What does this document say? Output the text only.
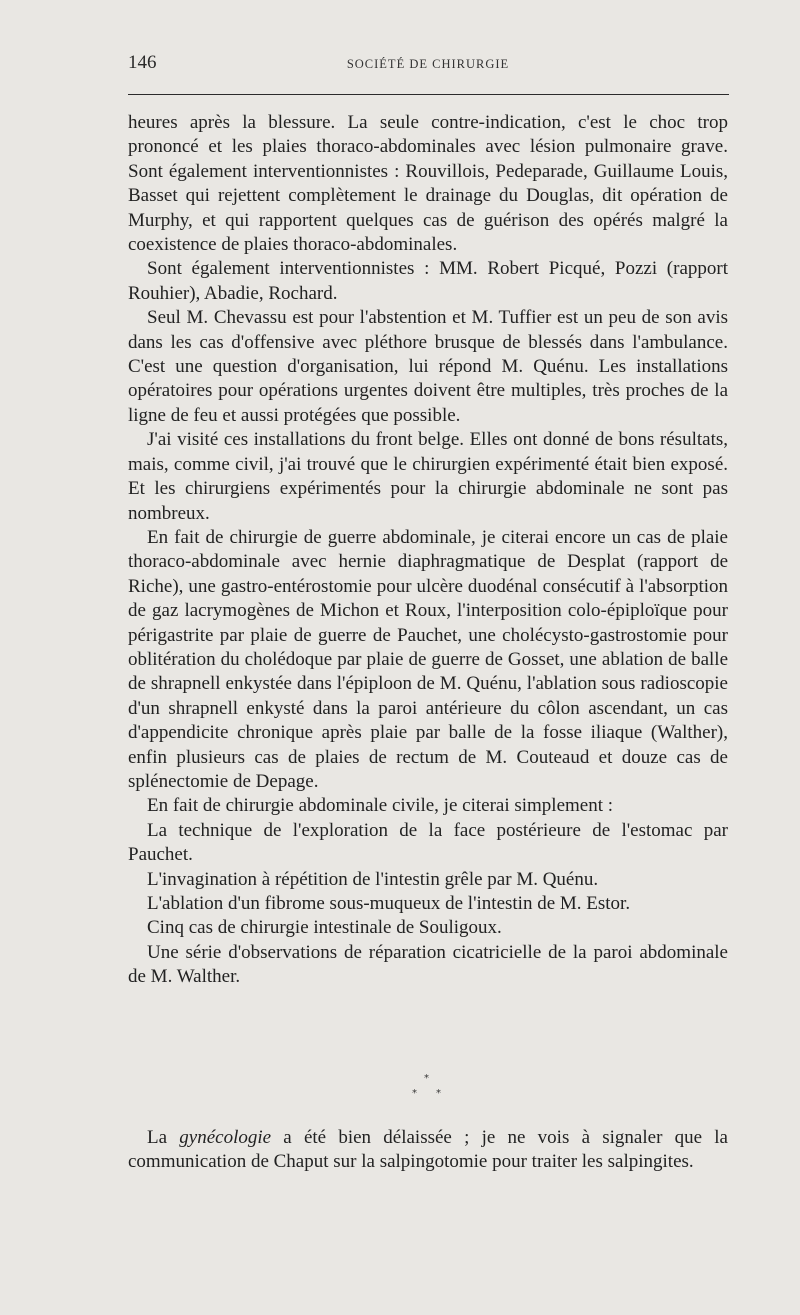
146	SOCIÉTÉ DE CHIRURGIE

heures après la blessure. La seule contre-indication, c'est le choc trop prononcé et les plaies thoraco-abdominales avec lésion pulmonaire grave. Sont également interventionnistes : Rouvillois, Pedeparade, Guillaume Louis, Basset qui rejettent complètement le drainage du Douglas, dit opération de Murphy, et qui rapportent quelques cas de guérison des opérés malgré la coexistence de plaies thoraco-abdominales.

Sont également interventionnistes : MM. Robert Picqué, Pozzi (rapport Rouhier), Abadie, Rochard.

Seul M. Chevassu est pour l'abstention et M. Tuffier est un peu de son avis dans les cas d'offensive avec pléthore brusque de blessés dans l'ambulance. C'est une question d'organisation, lui répond M. Quénu. Les installations opératoires pour opérations urgentes doivent être multiples, très proches de la ligne de feu et aussi protégées que possible.

J'ai visité ces installations du front belge. Elles ont donné de bons résultats, mais, comme civil, j'ai trouvé que le chirurgien expérimenté était bien exposé. Et les chirurgiens expérimentés pour la chirurgie abdominale ne sont pas nombreux.

En fait de chirurgie de guerre abdominale, je citerai encore un cas de plaie thoraco-abdominale avec hernie diaphragmatique de Desplat (rapport de Riche), une gastro-entérostomie pour ulcère duodénal consécutif à l'absorption de gaz lacrymogènes de Michon et Roux, l'interposition colo-épiploïque pour périgastrite par plaie de guerre de Pauchet, une cholécysto-gastrostomie pour oblitération du cholédoque par plaie de guerre de Gosset, une ablation de balle de shrapnell enkystée dans l'épiploon de M. Quénu, l'ablation sous radioscopie d'un shrapnell enkysté dans la paroi antérieure du côlon ascendant, un cas d'appendicite chronique après plaie par balle de la fosse iliaque (Walther), enfin plusieurs cas de plaies de rectum de M. Couteaud et douze cas de splénectomie de Depage.

En fait de chirurgie abdominale civile, je citerai simplement :

La technique de l'exploration de la face postérieure de l'estomac par Pauchet.

L'invagination à répétition de l'intestin grêle par M. Quénu.

L'ablation d'un fibrome sous-muqueux de l'intestin de M. Estor.

Cinq cas de chirurgie intestinale de Souligoux.

Une série d'observations de réparation cicatricielle de la paroi abdominale de M. Walther.

*
* *

La gynécologie a été bien délaissée ; je ne vois à signaler que la communication de Chaput sur la salpingotomie pour traiter les salpingites.
